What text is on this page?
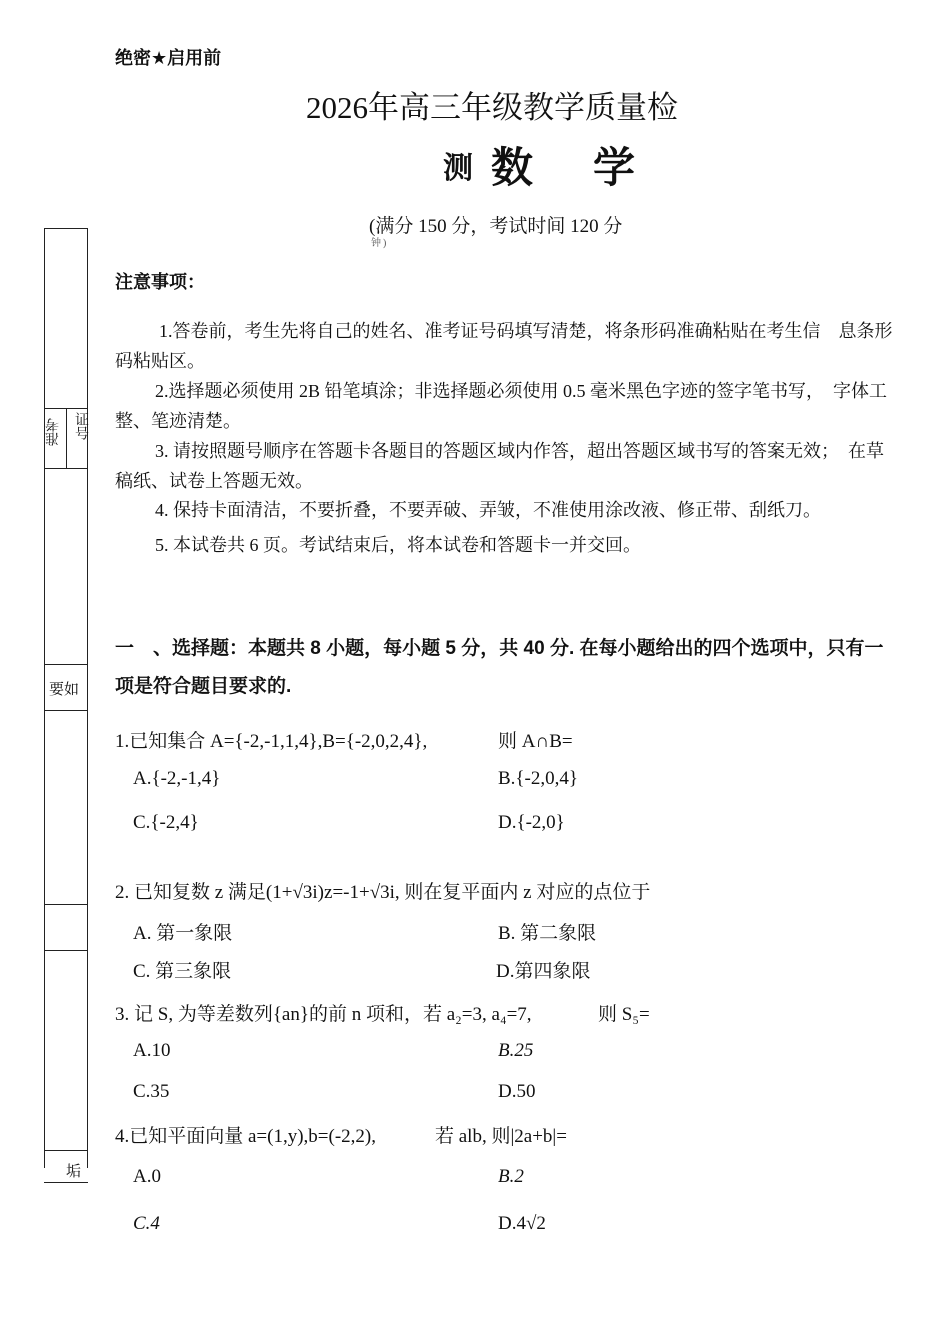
准考 证号
要如
垢
绝密★启用前
2026年高三年级教学质量检
测 数学
(满分 150 分，考试时间 120 分
钟)
注意事项：
1.答卷前，考生先将自己的姓名、准考证号码填写清楚，将条形码准确粘贴在考生信　息条形码粘贴区。
2.选择题必须使用 2B 铅笔填涂；非选择题必须使用 0.5 毫米黑色字迹的签字笔书写，　字体工整、笔迹清楚。
3. 请按照题号顺序在答题卡各题目的答题区域内作答，超出答题区域书写的答案无效；　在草稿纸、试卷上答题无效。
4. 保持卡面清洁，不要折叠，不要弄破、弄皱，不准使用涂改液、修正带、刮纸刀。
5. 本试卷共 6 页。考试结束后，将本试卷和答题卡一并交回。
一　、选择题：本题共 8 小题，每小题 5 分，共 40 分. 在每小题给出的四个选项中，只有一　项是符合题目要求的.
1.已知集合 A={-2,-1,1,4},B={-2,0,2,4},	则 A∩B=
A.{-2,-1,4}	B.{-2,0,4}
C.{-2,4}	D.{-2,0}
2. 已知复数 z 满足(1+√3i)z=-1+√3i, 则在复平面内 z 对应的点位于
A. 第一象限	B. 第二象限
C. 第三象限	D.第四象限
3. 记 S, 为等差数列{an}的前 n 项和，若 a₂=3, a₄=7,	则 S₅=
A.10	B.25
C.35	D.50
4.已知平面向量 a=(1,y),b=(-2,2),	若 alb, 则|2a+b|=
A.0	B.2
C.4	D.4√2
